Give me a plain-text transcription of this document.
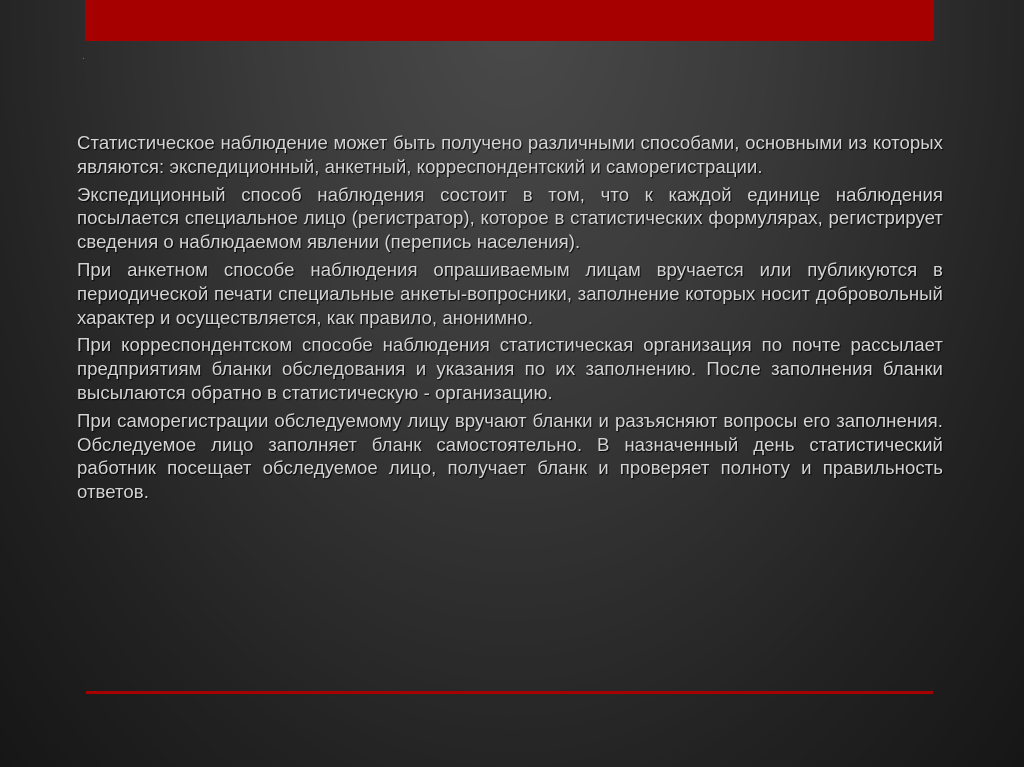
.

Статистическое наблюдение может быть получено различными способами, основными из которых являются: экспедиционный, анкетный, корреспондентский и саморегистрации.

Экспедиционный способ наблюдения состоит в том, что к каждой единице наблюдения посылается специальное лицо (регистратор), которое в статистических формулярах, регистрирует сведения о наблюдаемом явлении (перепись населения).

При анкетном способе наблюдения опрашиваемым лицам вручается или публикуются в периодической печати специальные анкеты-вопросники, заполнение которых носит добровольный характер и осуществляется, как правило, анонимно.

При корреспондентском способе наблюдения статистическая организация по почте рассылает предприятиям бланки обследования и указания по их заполнению. После заполнения бланки высылаются обратно в статистическую - организацию.

При саморегистрации обследуемому лицу вручают бланки и разъясняют вопросы его заполнения. Обследуемое лицо заполняет бланк самостоятельно. В назначенный день статистический работник посещает обследуемое лицо, получает бланк и проверяет полноту и правильность ответов.
